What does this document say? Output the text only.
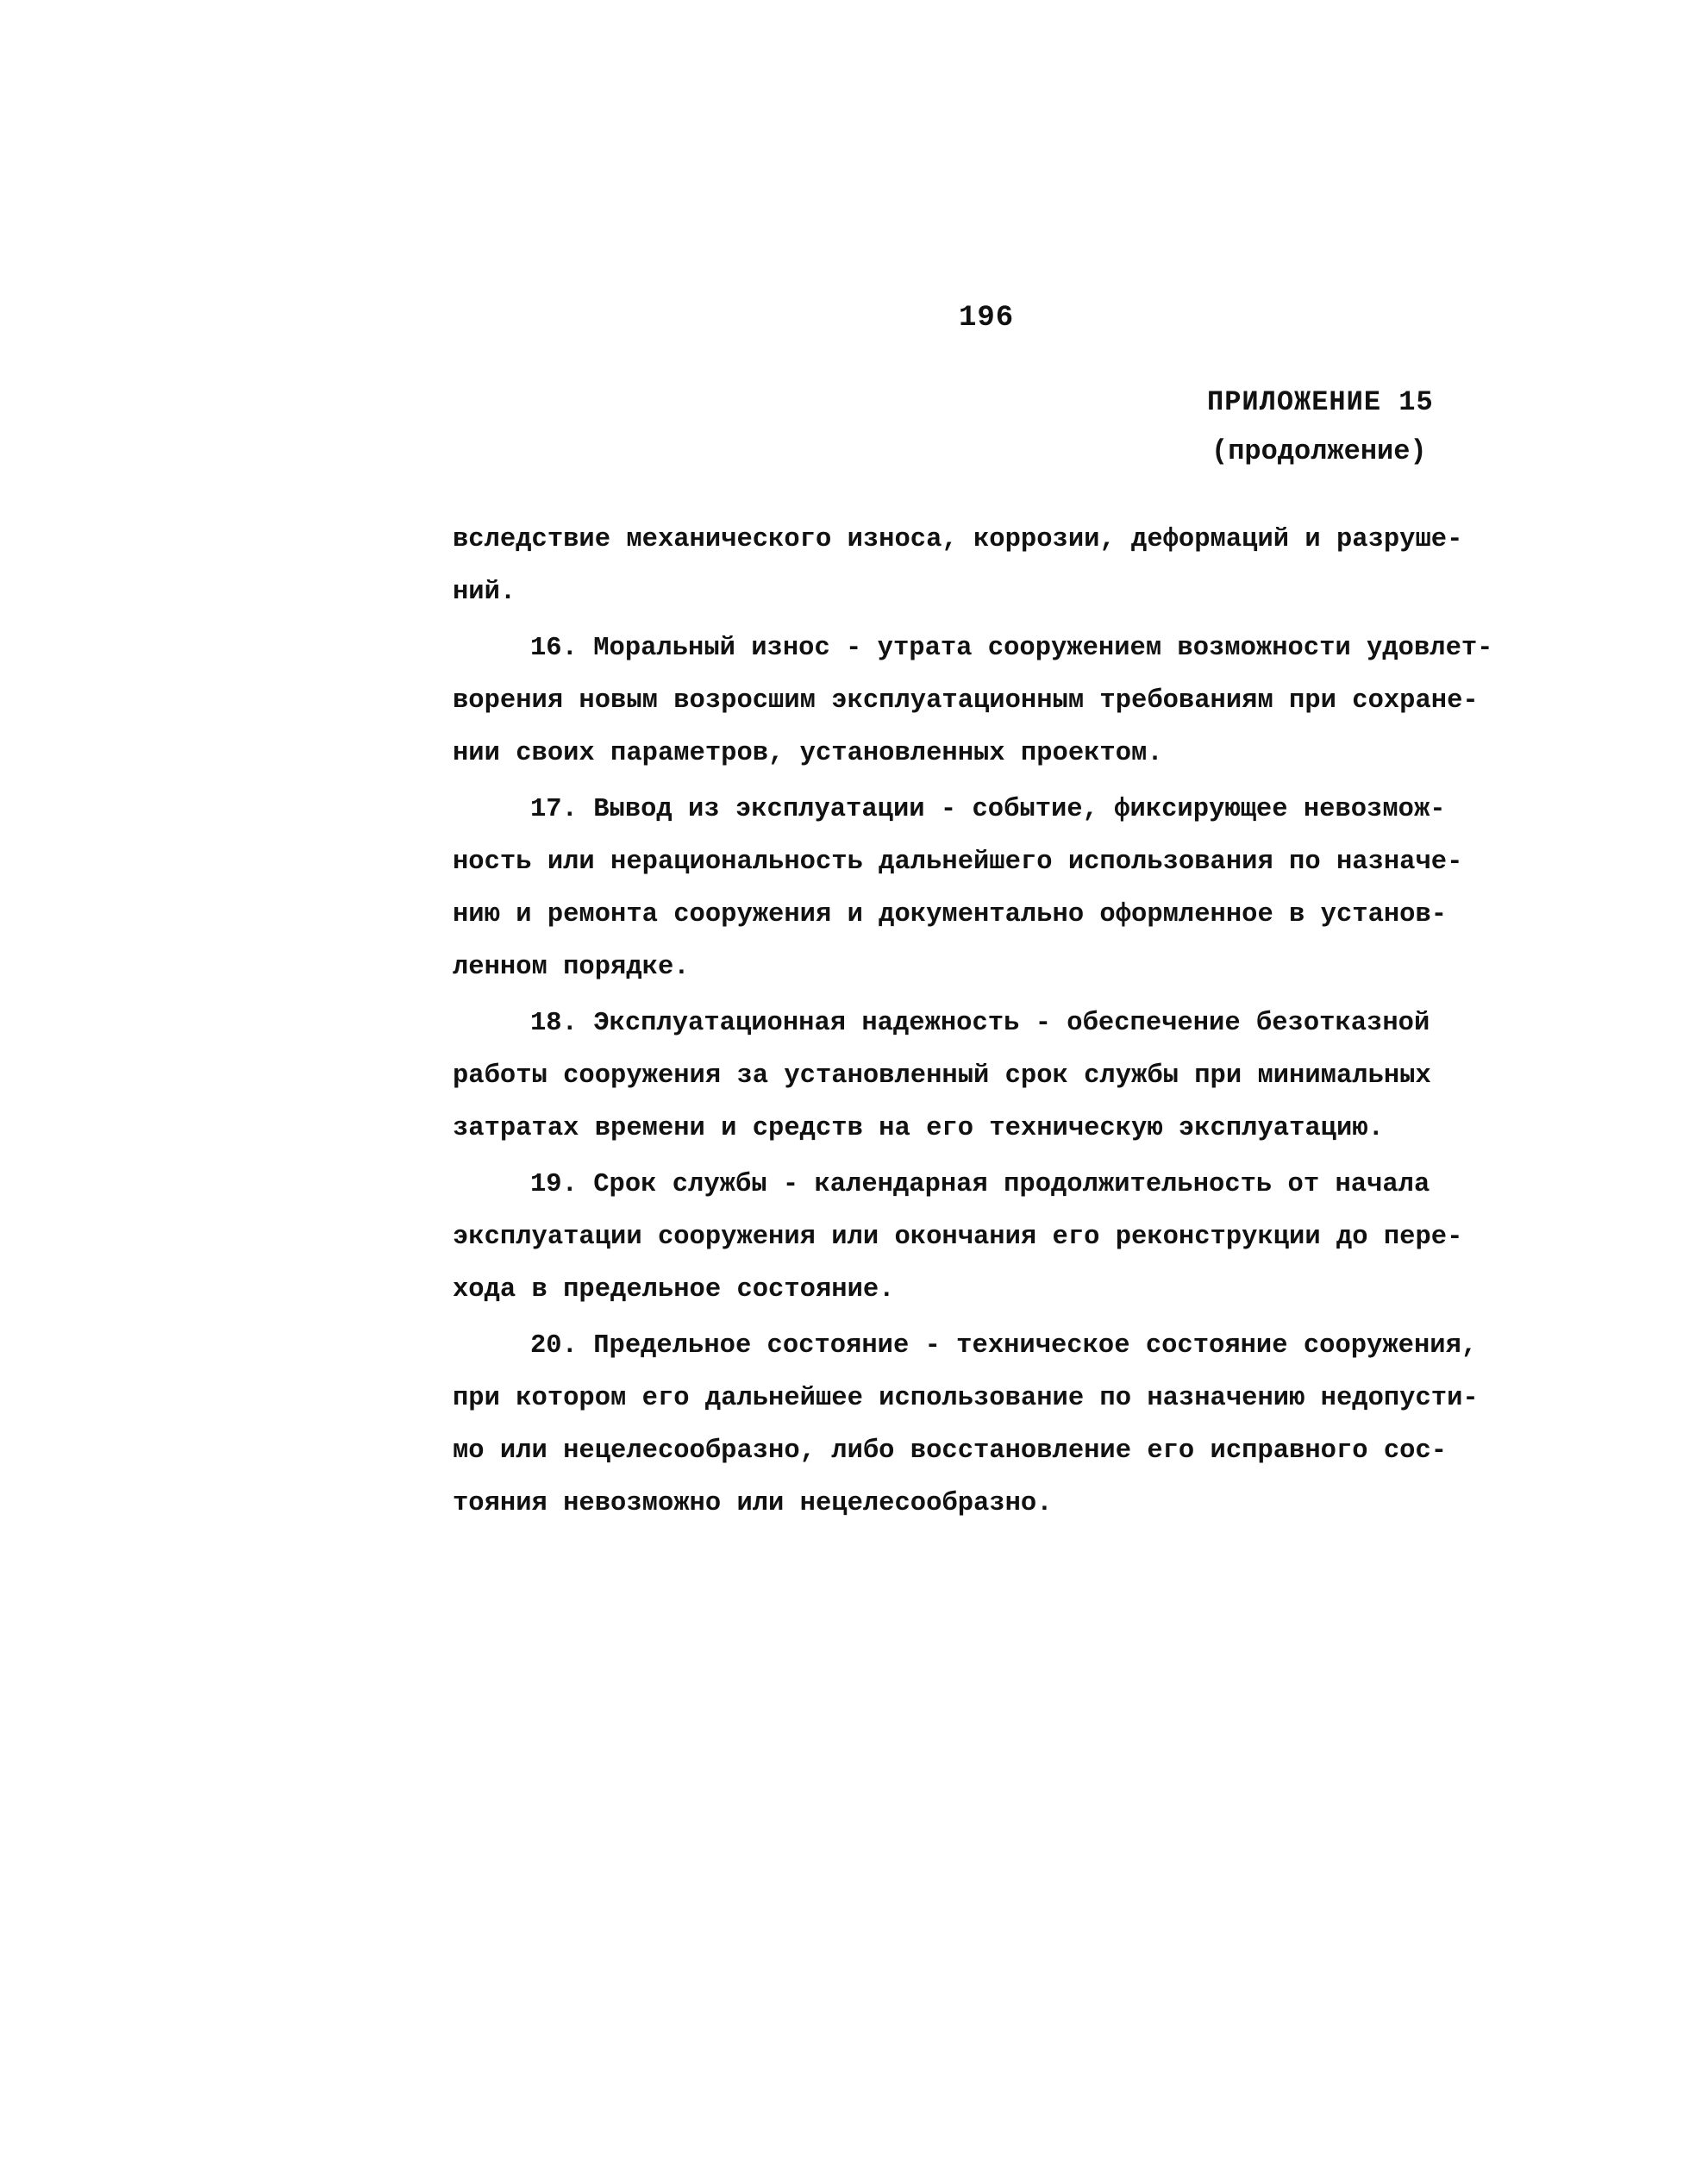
196
ПРИЛОЖЕНИЕ 15
(продолжение)
вследствие механического износа, коррозии, деформаций и разруше-
ний.
16. Моральный износ - утрата сооружением возможности удовлет-
ворения новым возросшим эксплуатационным требованиям при сохране-
нии своих параметров, установленных проектом.
17. Вывод из эксплуатации - событие, фиксирующее невозмож-
ность или нерациональность дальнейшего использования по назначе-
нию и ремонта сооружения и документально оформленное в установ-
ленном порядке.
18. Эксплуатационная надежность - обеспечение безотказной
работы сооружения за установленный срок службы при минимальных
затратах времени и средств на его техническую эксплуатацию.
19. Срок службы - календарная продолжительность от начала
эксплуатации сооружения или окончания его реконструкции до пере-
хода в предельное состояние.
20. Предельное состояние - техническое состояние сооружения,
при котором его дальнейшее использование по назначению недопусти-
мо или нецелесообразно, либо восстановление его исправного сос-
тояния невозможно или нецелесообразно.
